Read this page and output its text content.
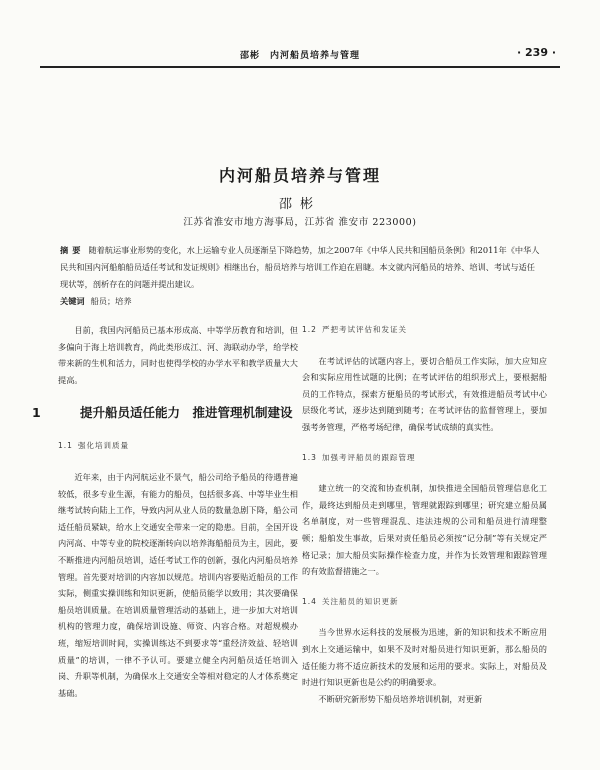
邵彬　内河船员培养与管理	· 239 ·
内河船员培养与管理
邵彬
江苏省淮安市地方海事局，江苏省 淮安市 223000)
摘要 随着航运事业形势的变化，水上运输专业人员逐渐呈下降趋势，加之2007年《中华人民共和国船员条例》和2011年《中华人民共和国内河船舶船员适任考试和发证规则》相继出台，船员培养与培训工作迫在眉睫。本文就内河船员的培养、培训、考试与适任现状等，剖析存在的问题并提出建议。
关键词 船员；培养

目前，我国内河船员已基本形成高、中等学历教育和培训，但多偏向于海上培训教育，尚此类形成江、河、海联动办学，给学校带来新的生机和活力，同时也使得学校的办学水平和教学质量大大提高。

1	提升船员适任能力　推进管理机制建设
1.1 强化培训质量

近年来，由于内河航运业不景气，船公司给予船员的待遇普遍较低，很多专业生源，有能力的船员，包括很多高、中等毕业生相继考试转向陆上工作，导致内河从业人员的数量急剧下降，船公司适任船员紧缺，给水上交通安全带来一定的隐患。目前，全国开设内河高、中等专业的院校逐渐转向以培养海船船员为主，因此，要不断推进内河船员培训，适任考试工作的创新，强化内河船员培养管理。首先要对培训的内容加以规范。培训内容要贴近船员的工作实际，侧重实操训练和知识更新，使船员能学以致用；其次要确保船员培训质量。在培训质量管理活动的基础上，进一步加大对培训机构的管理力度，确保培训设施、师资、内容合格。对超规模办班，缩短培训时间，实操训练达不到要求等“重经济效益、轻培训质量”的培训，一律不予认可。要建立健全内河船员适任培训入岗、升职等机制，为确保水上交通安全等相对稳定的人才体系奠定基础。

1.2 严把考试评估和发证关

在考试评估的试题内容上，要切合船员工作实际，加大应知应会和实际应用性试题的比例；在考试评估的组织形式上，要根据船员的工作特点，探索方便船员的考试形式，有效推进船员考试中心层级化考试，逐步达到随到随考；在考试评估的监督管理上，要加强考务管理，严格考场纪律，确保考试成绩的真实性。

1.3 加强考评船员的跟踪管理

建立统一的交流和协查机制，加快推进全国船员管理信息化工作，最终达到船员走到哪里，管理就跟踪到哪里；研究建立船员属名单制度，对一些管理混乱、违法违规的公司和船员进行清理整顿；船舶发生事故，后果对责任船员必须按“记分制”等有关规定严格记录；加大船员实际操作检查力度，并作为长效管理和跟踪管理的有效监督措施之一。

1.4 关注船员的知识更新

当今世界水运科技的发展极为迅速，新的知识和技术不断应用到水上交通运输中，如果不及时对船员进行知识更新，那么船员的适任能力将不适应新技术的发展和运用的要求。实际上，对船员及时进行知识更新也是公约的明确要求。

不断研究新形势下船员培养培训机制，对更新
